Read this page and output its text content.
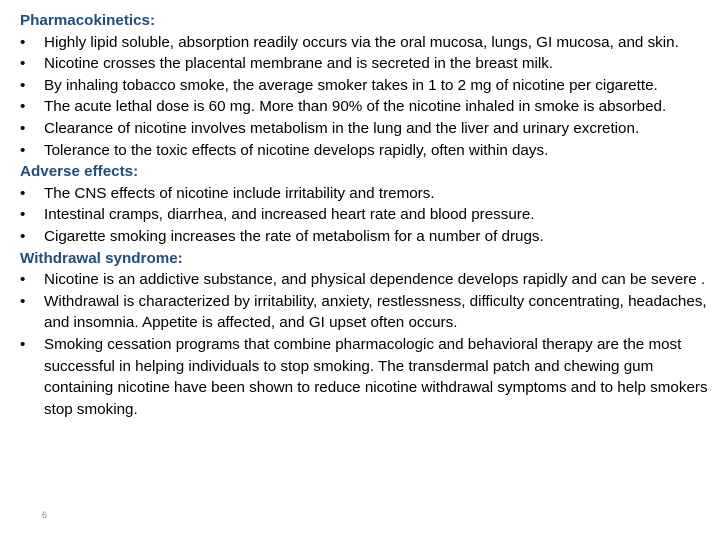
Pharmacokinetics:
• Highly lipid soluble, absorption readily occurs via the oral mucosa, lungs, GI mucosa, and skin.
• Nicotine crosses the placental membrane and is secreted in the breast milk.
• By inhaling tobacco smoke, the average smoker takes in 1 to 2 mg of nicotine per cigarette.
• The acute lethal dose is 60 mg. More than 90% of the nicotine inhaled in smoke is absorbed.
• Clearance of nicotine involves metabolism in the lung and the liver and urinary excretion.
• Tolerance to the toxic effects of nicotine develops rapidly, often within days.
Adverse effects:
• The CNS effects of nicotine include irritability and tremors.
• Intestinal cramps, diarrhea, and increased heart rate and blood pressure.
• Cigarette smoking increases the rate of metabolism for a number of drugs.
Withdrawal syndrome:
• Nicotine is an addictive substance, and physical dependence develops rapidly and can be severe .
• Withdrawal is characterized by irritability, anxiety, restlessness, difficulty concentrating, headaches, and insomnia. Appetite is affected, and GI upset often occurs.
• Smoking cessation programs that combine pharmacologic and behavioral therapy are the most successful in helping individuals to stop smoking. The transdermal patch and chewing gum containing nicotine have been shown to reduce nicotine withdrawal symptoms and to help smokers stop smoking.
6
